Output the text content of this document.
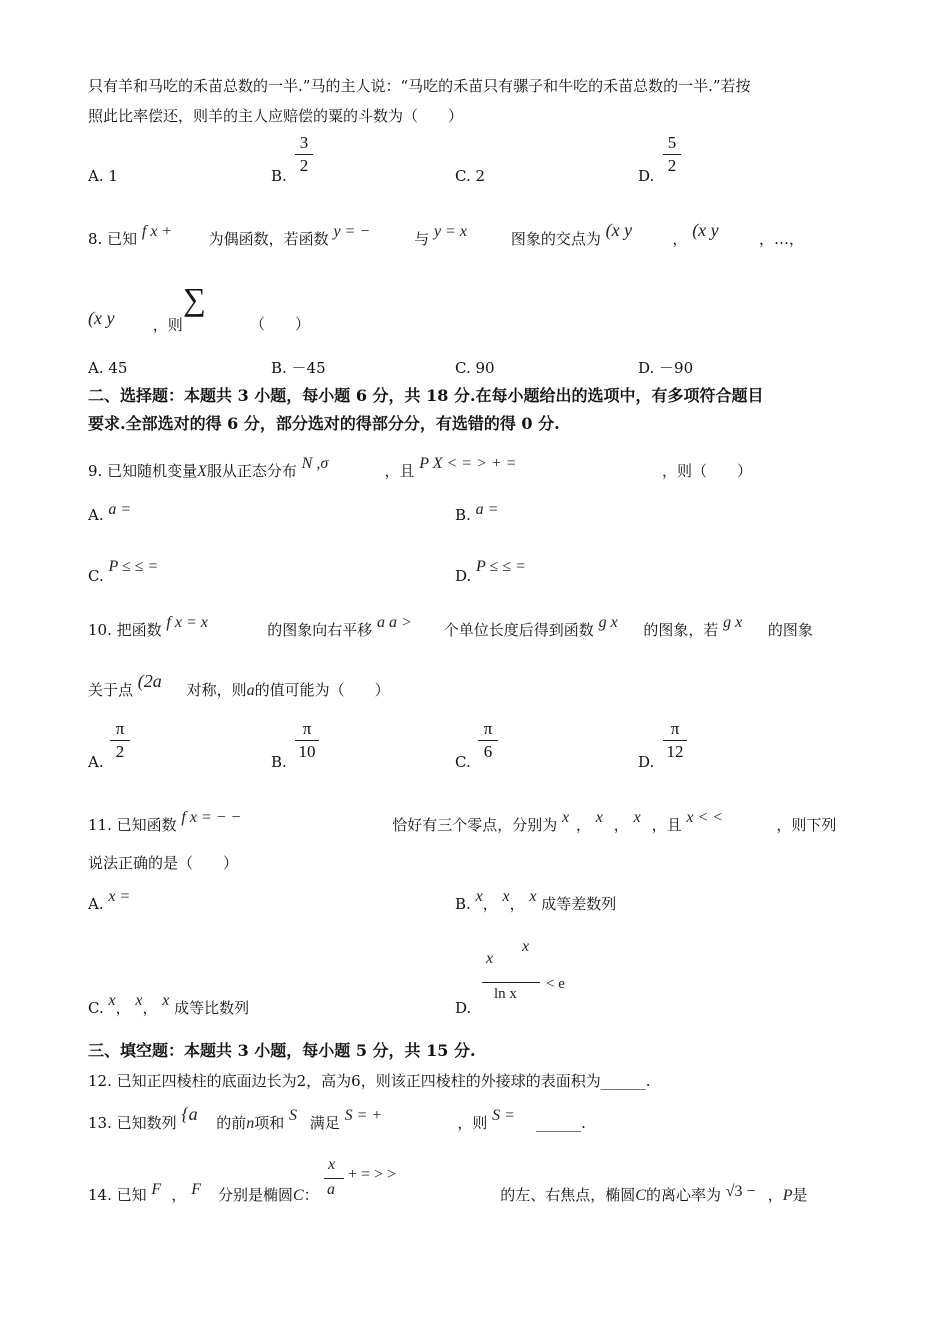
只有羊和马吃的禾苗总数的一半.”马的主人说：“马吃的禾苗只有骡子和牛吃的禾苗总数的一半.”若按
照此比率偿还，则羊的主人应赔偿的粟的斗数为（　　）
A. 1	B.
3
2
C. 2	D.
5
2
8. 已知 f x + 为偶函数，若函数 y = −	与 y = x	图象的交点为 (x y	， (x y	，…，
(x y	，则
∑
（　　）
A. 45	B. －45	C. 90	D. －90
二、选择题：本题共 3 小题，每小题 6 分，共 18 分.在每小题给出的选项中，有多项符合题目
要求.全部选对的得 6 分，部分选对的得部分分，有选错的得 0 分.
9. 已知随机变量X服从正态分布 N ,σ	，且 P X < = > + =	，则（　　）
A. a =	B. a =
C. P ≤ ≤ =
D. P ≤ ≤ =
10. 把函数 f x = x	的图象向右平移 a a > 个单位长度后得到函数 g x 的图象，若 g x 的图象
关于点 (2a 对称，则a的值可能为（　　）
A.
π
2
B.
π
10
C.
π
6
D.
π
12
11. 已知函数 f x = − −	恰好有三个零点，分别为 x ， x ， x ，且 x < <	，则下列
说法正确的是（　　）
A. x =	B. x， x， x 成等差数列
C. x， x， x 成等比数列	D.
x
x
ln x
< e
三、填空题：本题共 3 小题，每小题 5 分，共 15 分.
12. 已知正四棱柱的底面边长为2，高为6，则该正四棱柱的外接球的表面积为______.
13. 已知数列 {a 的前n项和 S 满足 S = +	，则 S = ______.
14. 已知 F ， F 分别是椭圆C：	的左、右焦点，椭圆C的离心率为 √3 − ，P是
x
a
+ = > >
